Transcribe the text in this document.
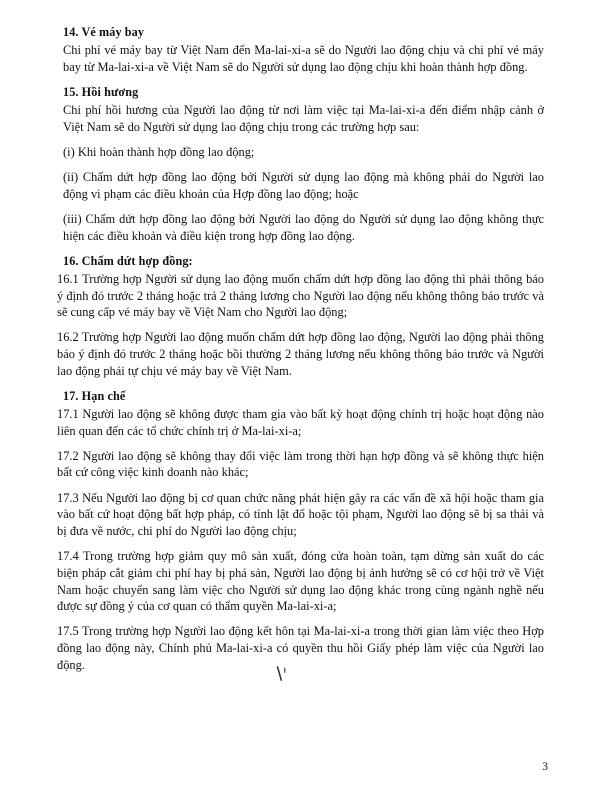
14. Vé máy bay

Chi phí vé máy bay từ Việt Nam đến Ma-lai-xi-a sẽ do Người lao động chịu và chi phí vé máy bay từ Ma-lai-xi-a về Việt Nam sẽ do Người sử dụng lao động chịu khi hoàn thành hợp đồng.

15. Hồi hương

Chi phí hồi hương của Người lao động từ nơi làm việc tại Ma-lai-xi-a đến điểm nhập cảnh ở Việt Nam sẽ do Người sử dụng lao động chịu trong các trường hợp sau:

(i) Khi hoàn thành hợp đồng lao động;

(ii) Chấm dứt hợp đồng lao động bởi Người sử dụng lao động mà không phải do Người lao động vi phạm các điều khoản của Hợp đồng lao động; hoặc

(iii) Chấm dứt hợp đồng lao động bởi Người lao động do Người sử dụng lao động không thực hiện các điều khoản và điều kiện trong hợp đồng lao động.

16. Chấm dứt hợp đồng:

16.1 Trường hợp Người sử dụng lao động muốn chấm dứt hợp đồng lao động thì phải thông báo ý định đó trước 2 tháng hoặc trả 2 tháng lương cho Người lao động nếu không thông báo trước và sẽ cung cấp vé máy bay về Việt Nam cho Người lao động;

16.2 Trường hợp Người lao động muốn chấm dứt hợp đồng lao động, Người lao động phải thông báo ý định đó trước 2 tháng hoặc bồi thường 2 tháng lương nếu không thông báo trước và Người lao động phải tự chịu vé máy bay về Việt Nam.

17. Hạn chế

17.1 Người lao động sẽ không được tham gia vào bất kỳ hoạt động chính trị hoặc hoạt động nào liên quan đến các tổ chức chính trị ở Ma-lai-xi-a;

17.2 Người lao động sẽ không thay đổi việc làm trong thời hạn hợp đồng và sẽ không thực hiện bất cứ công việc kinh doanh nào khác;

17.3 Nếu Người lao động bị cơ quan chức năng phát hiện gây ra các vấn đề xã hội hoặc tham gia vào bất cứ hoạt động bất hợp pháp, có tính lật đổ hoặc tội phạm, Người lao động sẽ bị sa thải và bị đưa về nước, chi phí do Người lao động chịu;

17.4 Trong trường hợp giảm quy mô sản xuất, đóng cửa hoàn toàn, tạm dừng sản xuất do các biện pháp cắt giảm chi phí hay bị phá sản, Người lao động bị ảnh hưởng sẽ có cơ hội trở về Việt Nam hoặc chuyển sang làm việc cho Người sử dụng lao động khác trong cùng ngành nghề nếu được sự đồng ý của cơ quan có thẩm quyền Ma-lai-xi-a;

17.5 Trong trường hợp Người lao động kết hôn tại Ma-lai-xi-a trong thời gian làm việc theo Hợp đồng lao động này, Chính phủ Ma-lai-xi-a có quyền thu hồi Giấy phép làm việc của Người lao động.

3
